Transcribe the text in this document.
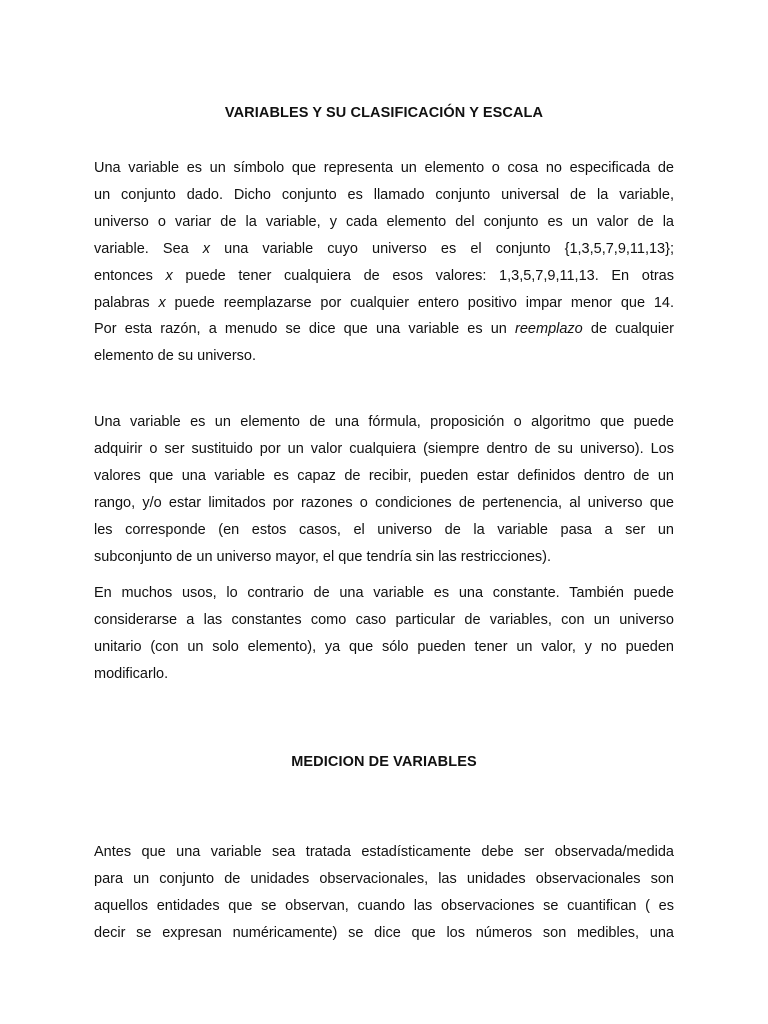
VARIABLES Y SU CLASIFICACIÓN Y ESCALA
Una variable es un símbolo que representa un elemento o cosa no especificada de
un conjunto dado. Dicho conjunto es llamado conjunto universal de la variable,
universo o variar de la variable, y cada elemento del conjunto es un valor de la
variable. Sea x una variable cuyo universo es el conjunto {1,3,5,7,9,11,13};
entonces x puede tener cualquiera de esos valores: 1,3,5,7,9,11,13. En otras
palabras x puede reemplazarse por cualquier entero positivo impar menor que 14.
Por esta razón, a menudo se dice que una variable es un reemplazo de cualquier
elemento de su universo.
Una variable es un elemento de una fórmula, proposición o algoritmo que puede
adquirir o ser sustituido por un valor cualquiera (siempre dentro de su universo). Los
valores que una variable es capaz de recibir, pueden estar definidos dentro de un
rango, y/o estar limitados por razones o condiciones de pertenencia, al universo que
les corresponde (en estos casos, el universo de la variable pasa a ser un
subconjunto de un universo mayor, el que tendría sin las restricciones).
En muchos usos, lo contrario de una variable es una constante. También puede
considerarse a las constantes como caso particular de variables, con un universo
unitario (con un solo elemento), ya que sólo pueden tener un valor, y no pueden
modificarlo.
MEDICION DE VARIABLES
Antes que una variable sea tratada estadísticamente debe ser observada/medida
para un conjunto de unidades observacionales, las unidades observacionales son
aquellos entidades que se observan, cuando las observaciones se cuantifican ( es
decir se expresan numéricamente) se dice que los números son medibles, una
